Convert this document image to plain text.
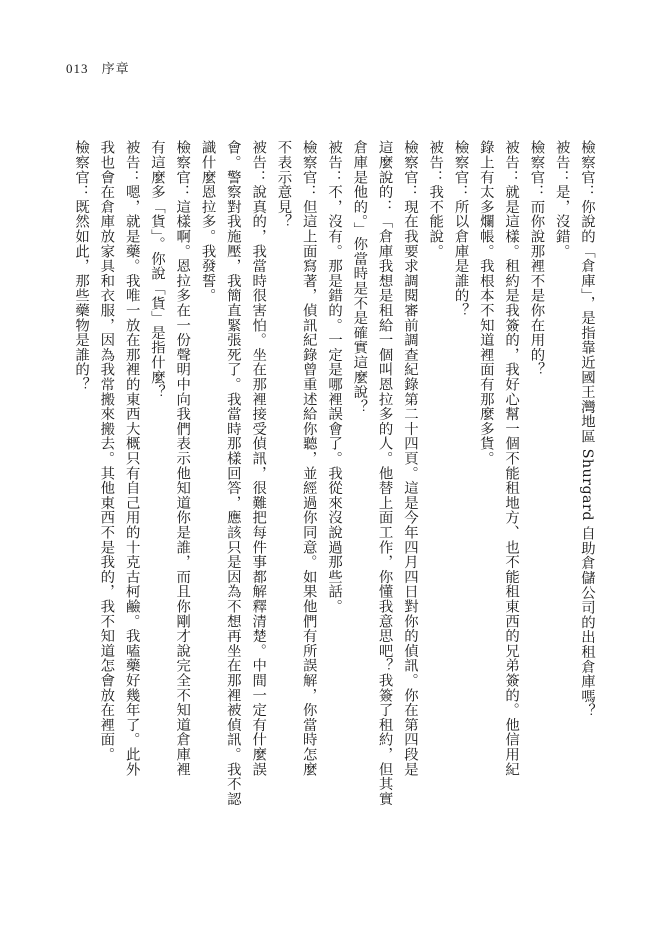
013 序章

檢察官：你說的「倉庫」，是指靠近國王灣地區 Shurgard 自助倉儲公司的出租倉庫嗎？

被告：是，沒錯。

檢察官：而你說那裡不是你在用的？

被告：就是這樣。租約是我簽的，我好心幫一個不能租地方、也不能租東西的兄弟簽的。他信用紀

錄上有太多爛帳。我根本不知道裡面有那麼多貨。

檢察官：所以倉庫是誰的？

被告：我不能說。

檢察官：現在我要求調閱審前調查紀錄第二十四頁。這是今年四月四日對你的偵訊。你在第四段是

這麼說的：「倉庫我想是租給一個叫恩拉多的人。他替上面工作，你懂我意思吧？我簽了租約，但其實

倉庫是他的。」你當時是不是確實這麼說？

被告：不，沒有。那是錯的。一定是哪裡誤會了。我從來沒說過那些話。

檢察官：但這上面寫著，偵訊紀錄曾重述給你聽，並經過你同意。如果他們有所誤解，你當時怎麼

不表示意見？

被告：說真的，我當時很害怕。坐在那裡接受偵訊，很難把每件事都解釋清楚。中間一定有什麼誤

會。警察對我施壓，我簡直緊張死了。我當時那樣回答，應該只是因為不想再坐在那裡被偵訊。我不認

識什麼恩拉多。我發誓。

檢察官：這樣啊。恩拉多在一份聲明中向我們表示他知道你是誰，而且你剛才說完全不知道倉庫裡

有這麼多「貨」。你說「貨」是指什麼？

被告：嗯，就是藥。我唯一放在那裡的東西大概只有自己用的十克古柯鹼。我嗑藥好幾年了。此外

我也會在倉庫放家具和衣服，因為我常搬來搬去。其他東西不是我的，我不知道怎會放在裡面。

檢察官：既然如此，那些藥物是誰的？
